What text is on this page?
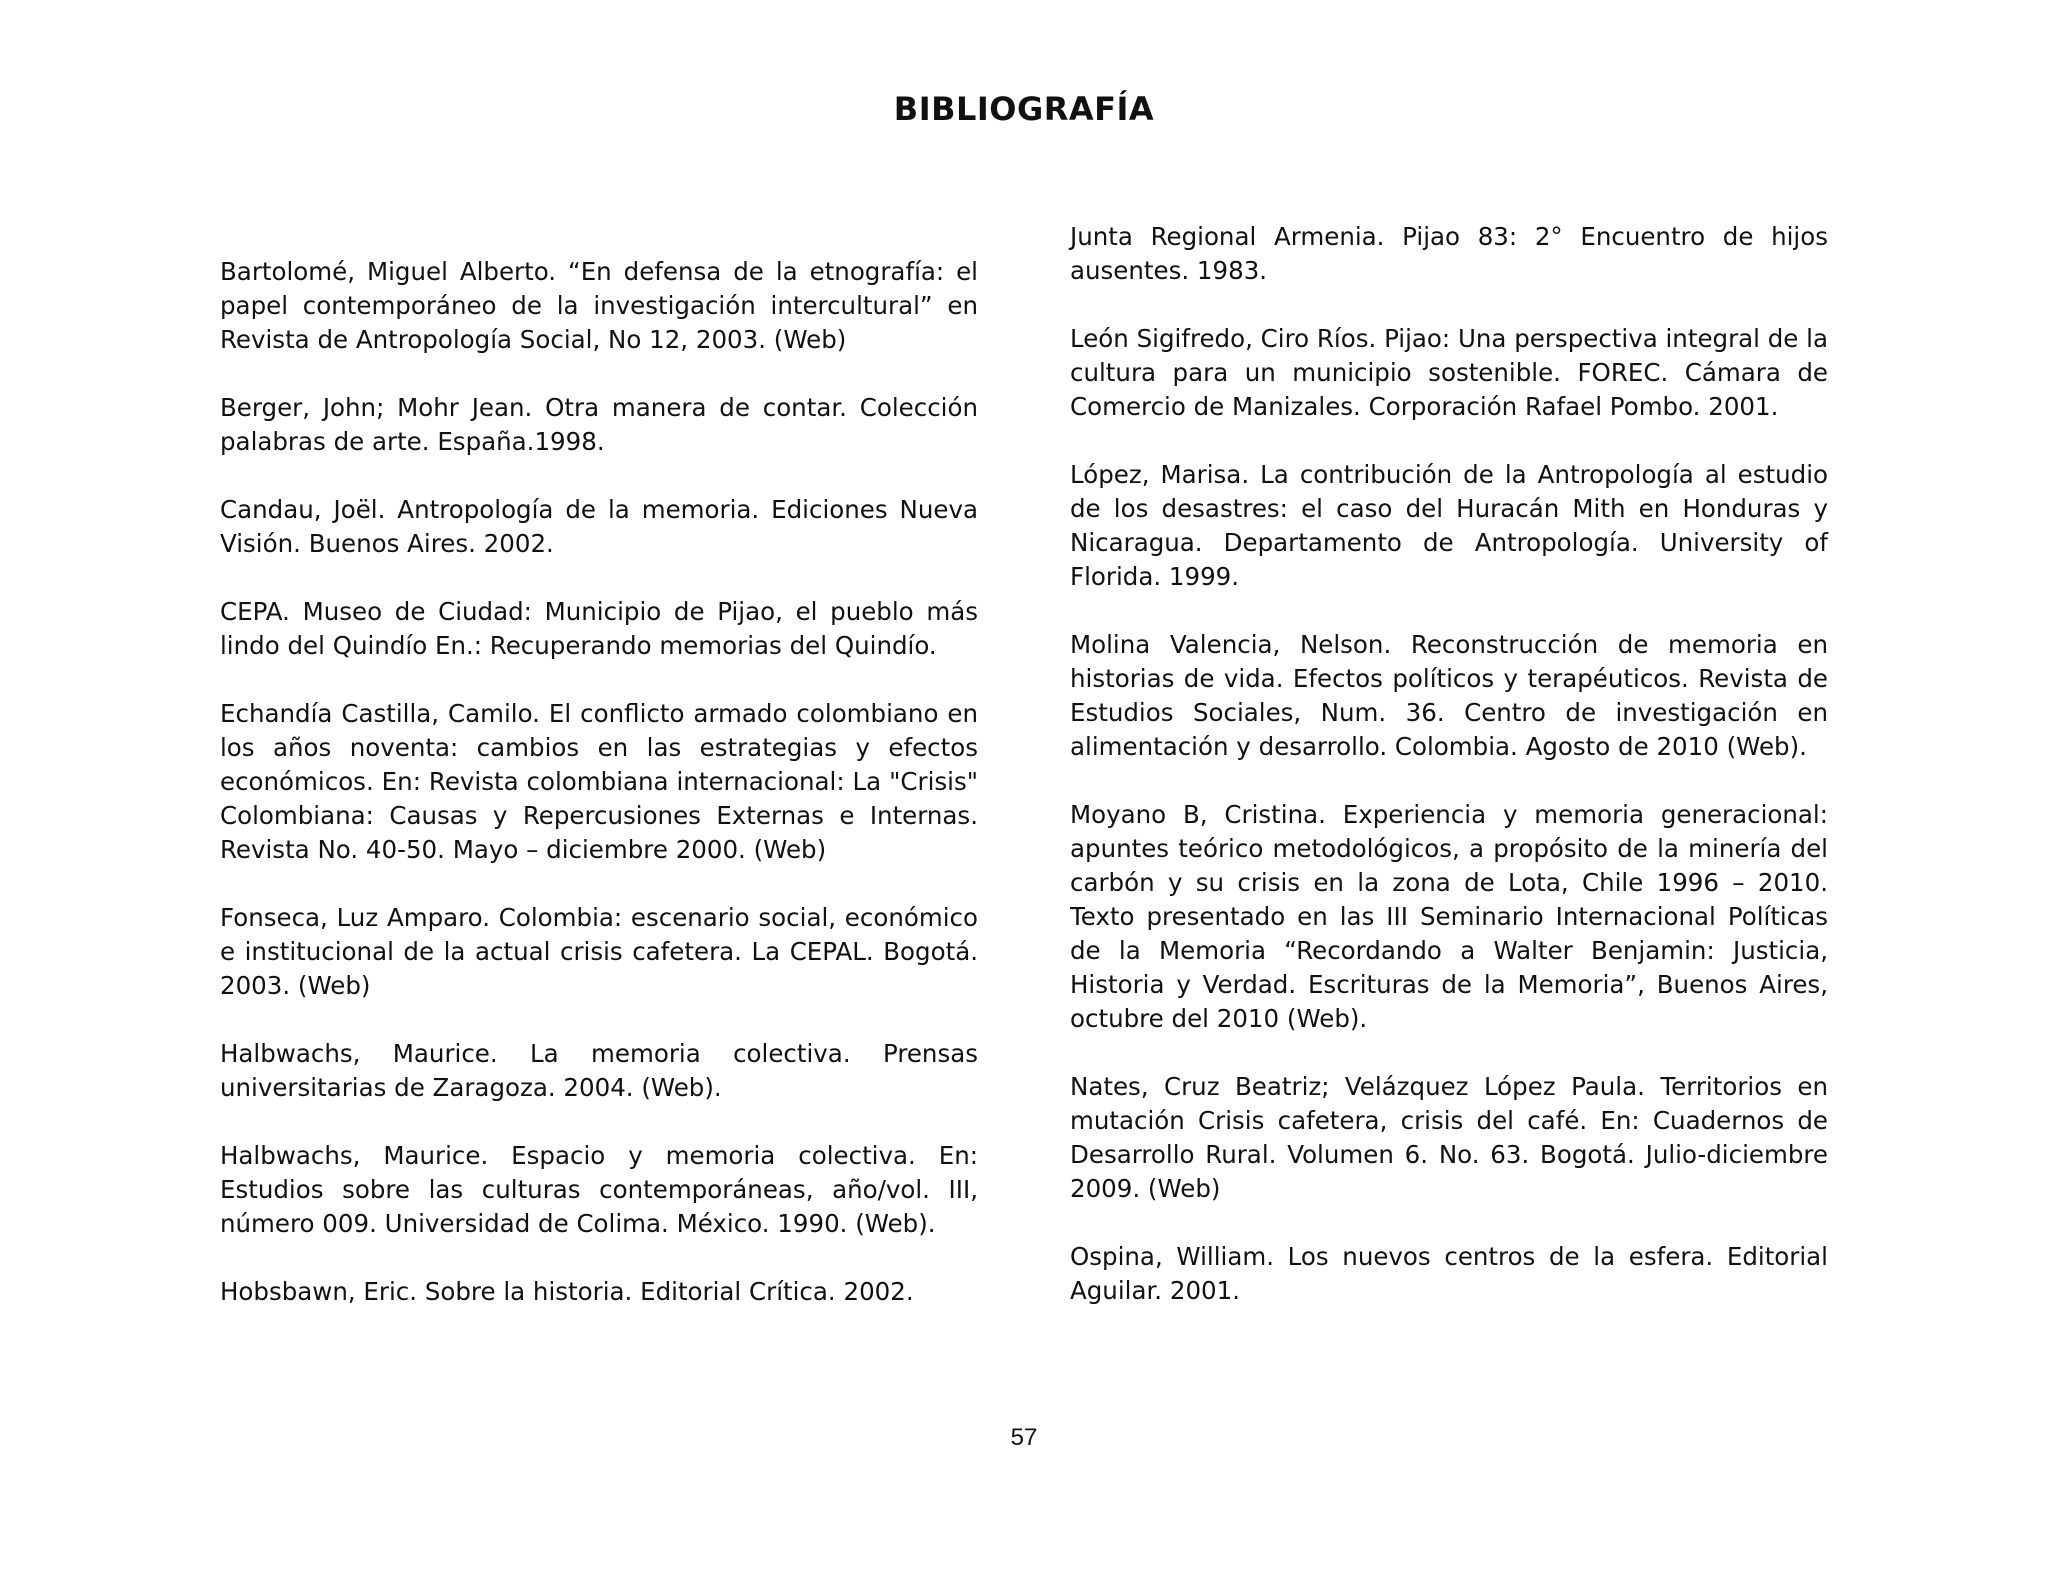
BIBLIOGRAFÍA

Bartolomé, Miguel Alberto. “En defensa de la etnografía: el papel contemporáneo de la investigación intercultural” en Revista de Antropología Social, No 12, 2003. (Web)

Berger, John; Mohr Jean. Otra manera de contar. Colección palabras de arte. España.1998.

Candau, Joël. Antropología de la memoria. Ediciones Nueva Visión. Buenos Aires. 2002.

CEPA. Museo de Ciudad: Municipio de Pijao, el pueblo más lindo del Quindío En.: Recuperando memorias del Quindío.

Echandía Castilla, Camilo. El conflicto armado colombiano en los años noventa: cambios en las estrategias y efectos económicos. En: Revista colombiana internacional: La "Crisis" Colombiana: Causas y Repercusiones Externas e Internas. Revista No. 40-50. Mayo – diciembre 2000. (Web)

Fonseca, Luz Amparo. Colombia: escenario social, económico e institucional de la actual crisis cafetera. La CEPAL. Bogotá. 2003. (Web)

Halbwachs, Maurice. La memoria colectiva. Prensas universitarias de Zaragoza. 2004. (Web).

Halbwachs, Maurice. Espacio y memoria colectiva. En: Estudios sobre las culturas contemporáneas, año/vol. III, número 009. Universidad de Colima. México. 1990. (Web).

Hobsbawn, Eric. Sobre la historia. Editorial Crítica. 2002.

Junta Regional Armenia. Pijao 83: 2° Encuentro de hijos ausentes. 1983.

León Sigifredo, Ciro Ríos. Pijao: Una perspectiva integral de la cultura para un municipio sostenible. FOREC. Cámara de Comercio de Manizales. Corporación Rafael Pombo. 2001.

López, Marisa. La contribución de la Antropología al estudio de los desastres: el caso del Huracán Mith en Honduras y Nicaragua. Departamento de Antropología. University of Florida. 1999.

Molina Valencia, Nelson. Reconstrucción de memoria en historias de vida. Efectos políticos y terapéuticos. Revista de Estudios Sociales, Num. 36. Centro de investigación en alimentación y desarrollo. Colombia. Agosto de 2010 (Web).

Moyano B, Cristina. Experiencia y memoria generacional: apuntes teórico metodológicos, a propósito de la minería del carbón y su crisis en la zona de Lota, Chile 1996 – 2010. Texto presentado en las III Seminario Internacional Políticas de la Memoria “Recordando a Walter Benjamin: Justicia, Historia y Verdad. Escrituras de la Memoria”, Buenos Aires, octubre del 2010 (Web).

Nates, Cruz Beatriz; Velázquez López Paula. Territorios en mutación Crisis cafetera, crisis del café. En: Cuadernos de Desarrollo Rural. Volumen 6. No. 63. Bogotá. Julio-diciembre 2009. (Web)

Ospina, William. Los nuevos centros de la esfera. Editorial Aguilar. 2001.

57
